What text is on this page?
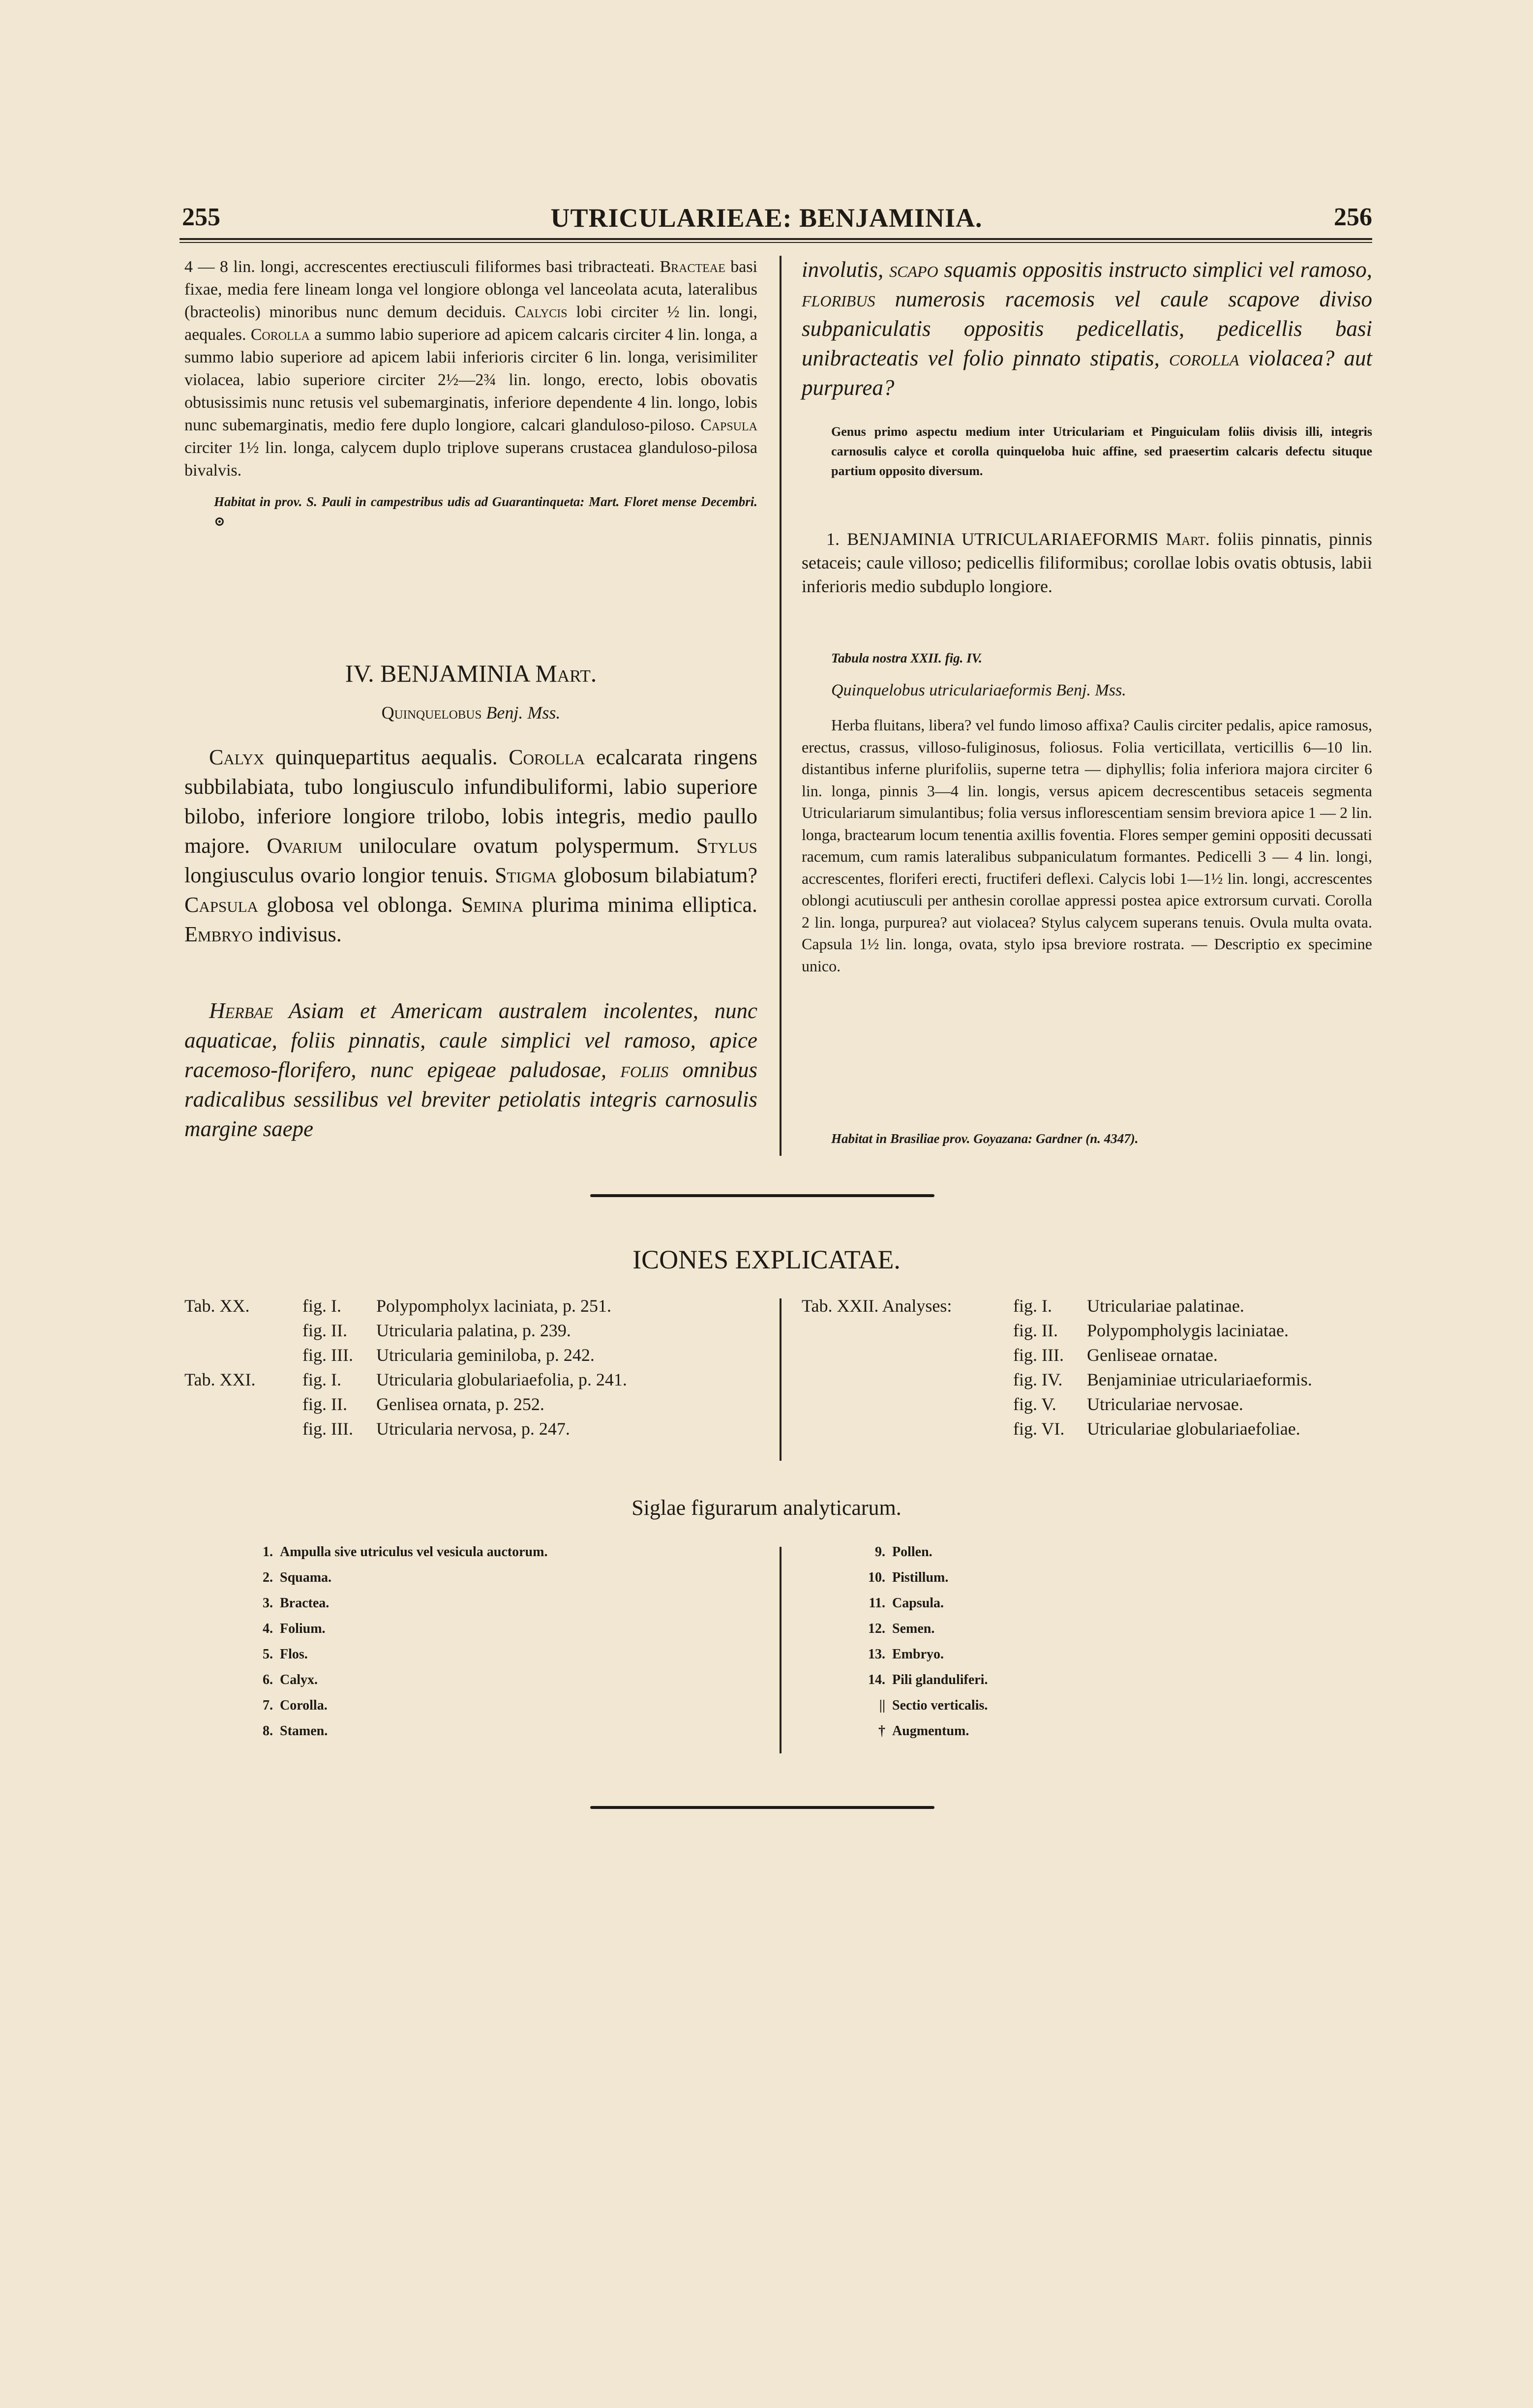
255	UTRICULARIEAE: BENJAMINIA.	256

4 — 8 lin. longi, accrescentes erectiusculi filiformes basi tribracteati. Bracteae basi fixae, media fere lineam longa vel longiore oblonga vel lanceolata acuta, lateralibus (bracteolis) minoribus nunc demum deciduis. Calycis lobi circiter ½ lin. longi, aequales. Corolla a summo labio superiore ad apicem calcaris circiter 4 lin. longa, a summo labio superiore ad apicem labii inferioris circiter 6 lin. longa, verisimiliter violacea, labio superiore circiter 2½—2¾ lin. longo, erecto, lobis obovatis obtusissimis nunc retusis vel subemarginatis, inferiore dependente 4 lin. longo, lobis nunc subemarginatis, medio fere duplo longiore, calcari glanduloso-piloso. Capsula circiter 1½ lin. longa, calycem duplo triplove superans crustacea glanduloso-pilosa bivalvis.

Habitat in prov. S. Pauli in campestribus udis ad Guarantinqueta: Mart. Floret mense Decembri. ⊙

IV. BENJAMINIA Mart.
Quinquelobus Benj. Mss.
Calyx quinquepartitus aequalis. Corolla ecalcarata ringens subbilabiata, tubo longiusculo infundibuliformi, labio superiore bilobo, inferiore longiore trilobo, lobis integris, medio paullo majore. Ovarium uniloculare ovatum polyspermum. Stylus longiusculus ovario longior tenuis. Stigma globosum bilabiatum? Capsula globosa vel oblonga. Semina plurima minima elliptica. Embryo indivisus.
Herbae Asiam et Americam australem incolentes, nunc aquaticae, foliis pinnatis, caule simplici vel ramoso, apice racemoso-florifero, nunc epigeae paludosae, foliis omnibus radicalibus sessilibus vel breviter petiolatis integris carnosulis margine saepe
involutis, scapo squamis oppositis instructo simplici vel ramoso, floribus numerosis racemosis vel caule scapove diviso subpaniculatis oppositis pedicellatis, pedicellis basi unibracteatis vel folio pinnato stipatis, corolla violacea? aut purpurea?
Genus primo aspectu medium inter Utriculariam et Pinguiculam foliis divisis illi, integris carnosulis calyce et corolla quinqueloba huic affine, sed praesertim calcaris defectu situque partium opposito diversum.
1. BENJAMINIA UTRICULARIAEFORMIS Mart. foliis pinnatis, pinnis setaceis; caule villoso; pedicellis filiformibus; corollae lobis ovatis obtusis, labii inferioris medio subduplo longiore.
Tabula nostra XXII. fig. IV.
Quinquelobus utriculariaeformis Benj. Mss.
Herba fluitans, libera? vel fundo limoso affixa? Caulis circiter pedalis, apice ramosus, erectus, crassus, villoso-fuliginosus, foliosus. Folia verticillata, verticillis 6—10 lin. distantibus inferne plurifoliis, superne tetra — diphyllis; folia inferiora majora circiter 6 lin. longa, pinnis 3—4 lin. longis, versus apicem decrescentibus setaceis segmenta Utriculariarum simulantibus; folia versus inflorescentiam sensim breviora apice 1 — 2 lin. longa, bractearum locum tenentia axillis foventia. Flores semper gemini oppositi decussati racemum, cum ramis lateralibus subpaniculatum formantes. Pedicelli 3 — 4 lin. longi, accrescentes, floriferi erecti, fructiferi deflexi. Calycis lobi 1—1½ lin. longi, accrescentes oblongi acutiusculi per anthesin corollae appressi postea apice extrorsum curvati. Corolla 2 lin. longa, purpurea? aut violacea? Stylus calycem superans tenuis. Ovula multa ovata. Capsula 1½ lin. longa, ovata, stylo ipsa breviore rostrata. — Descriptio ex specimine unico.
Habitat in Brasiliae prov. Goyazana: Gardner (n. 4347).
ICONES EXPLICATAE.
Tab. XX.	fig. I.	Polypompholyx laciniata, p. 251.
	fig. II.	Utricularia palatina, p. 239.
	fig. III.	Utricularia geminiloba, p. 242.
Tab. XXI.	fig. I.	Utricularia globulariaefolia, p. 241.
	fig. II.	Genlisea ornata, p. 252.
	fig. III.	Utricularia nervosa, p. 247.
Tab. XXII. Analyses:	fig. I.	Utriculariae palatinae.
	fig. II.	Polypompholygis laciniatae.
	fig. III.	Genliseae ornatae.
	fig. IV.	Benjaminiae utriculariaeformis.
	fig. V.	Utriculariae nervosae.
	fig. VI.	Utriculariae globulariaefoliae.
Siglae figurarum analyticarum.
1. Ampulla sive utriculus vel vesicula auctorum.
2. Squama.
3. Bractea.
4. Folium.
5. Flos.
6. Calyx.
7. Corolla.
8. Stamen.
9. Pollen.
10. Pistillum.
11. Capsula.
12. Semen.
13. Embryo.
14. Pili glanduliferi.
|| Sectio verticalis.
† Augmentum.
